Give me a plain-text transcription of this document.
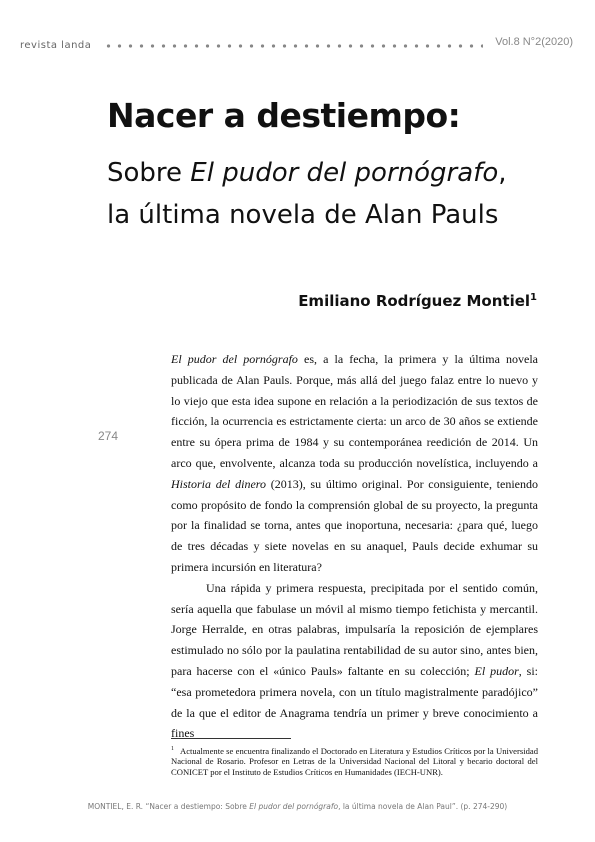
revista landa	Vol.8 N°2(2020)
Nacer a destiempo:
Sobre El pudor del pornógrafo, la última novela de Alan Pauls
Emiliano Rodríguez Montiel$^1$
274

El pudor del pornógrafo es, a la fecha, la primera y la última novela publicada de Alan Pauls. Porque, más allá del juego falaz entre lo nuevo y lo viejo que esta idea supone en relación a la periodización de sus textos de ficción, la ocurrencia es estrictamente cierta: un arco de 30 años se extiende entre su ópera prima de 1984 y su contemporánea reedición de 2014. Un arco que, envolvente, alcanza toda su producción novelística, incluyendo a Historia del dinero (2013), su último original. Por consiguiente, teniendo como propósito de fondo la comprensión global de su proyecto, la pregunta por la finalidad se torna, antes que inoportuna, necesaria: ¿para qué, luego de tres décadas y siete novelas en su anaquel, Pauls decide exhumar su primera incursión en literatura?

Una rápida y primera respuesta, precipitada por el sentido común, sería aquella que fabulase un móvil al mismo tiempo fetichista y mercantil. Jorge Herralde, en otras palabras, impulsaría la reposición de ejemplares estimulado no sólo por la paulatina rentabilidad de su autor sino, antes bien, para hacerse con el «único Pauls» faltante en su colección; El pudor, si: “esa prometedora primera novela, con un título magistralmente paradójico” de la que el editor de Anagrama tendría un primer y breve conocimiento a fines

$^1$ Actualmente se encuentra finalizando el Doctorado en Literatura y Estudios Críticos por la Universidad Nacional de Rosario. Profesor en Letras de la Universidad Nacional del Litoral y becario doctoral del CONICET por el Instituto de Estudios Críticos en Humanidades (IECH-UNR).
MONTIEL, E. R. “Nacer a destiempo: Sobre El pudor del pornógrafo, la última novela de Alan Paul”. (p. 274-290)
